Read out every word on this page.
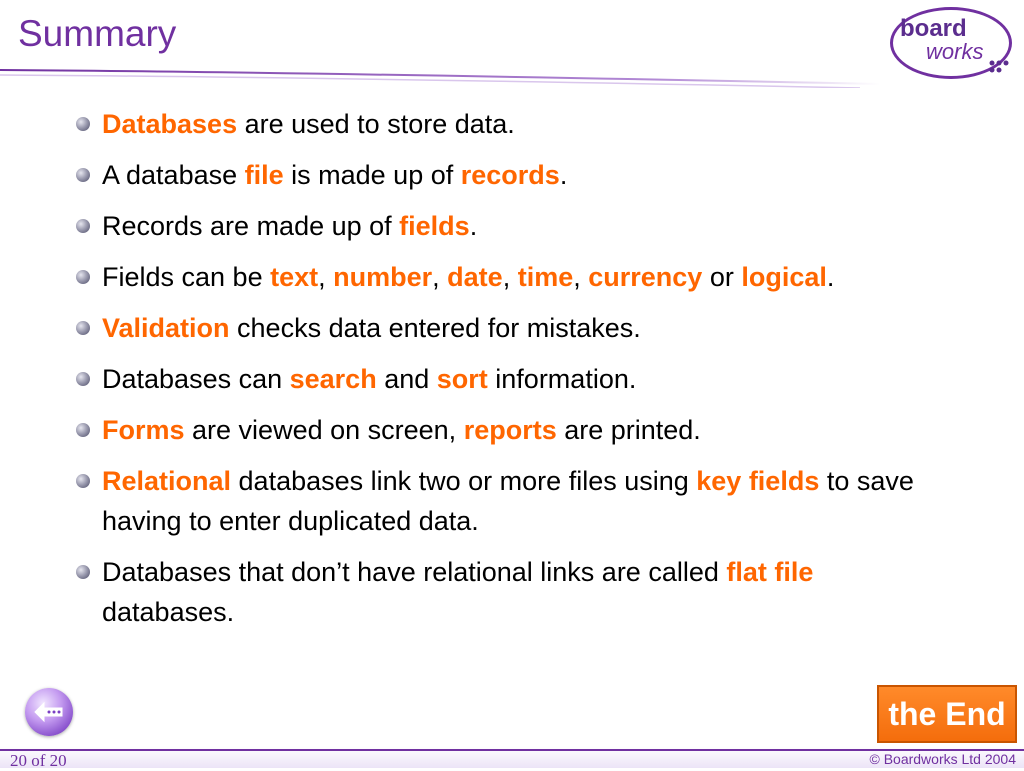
Summary	board
works
Databases are used to store data.
A database file is made up of records.
Records are made up of fields.
Fields can be text, number, date, time, currency or logical.
Validation checks data entered for mistakes.
Databases can search and sort information.
Forms are viewed on screen, reports are printed.
Relational databases link two or more files using key fields to save having to enter duplicated data.
Databases that don’t have relational links are called flat file databases.
the End
20 of 20	© Boardworks Ltd 2004
